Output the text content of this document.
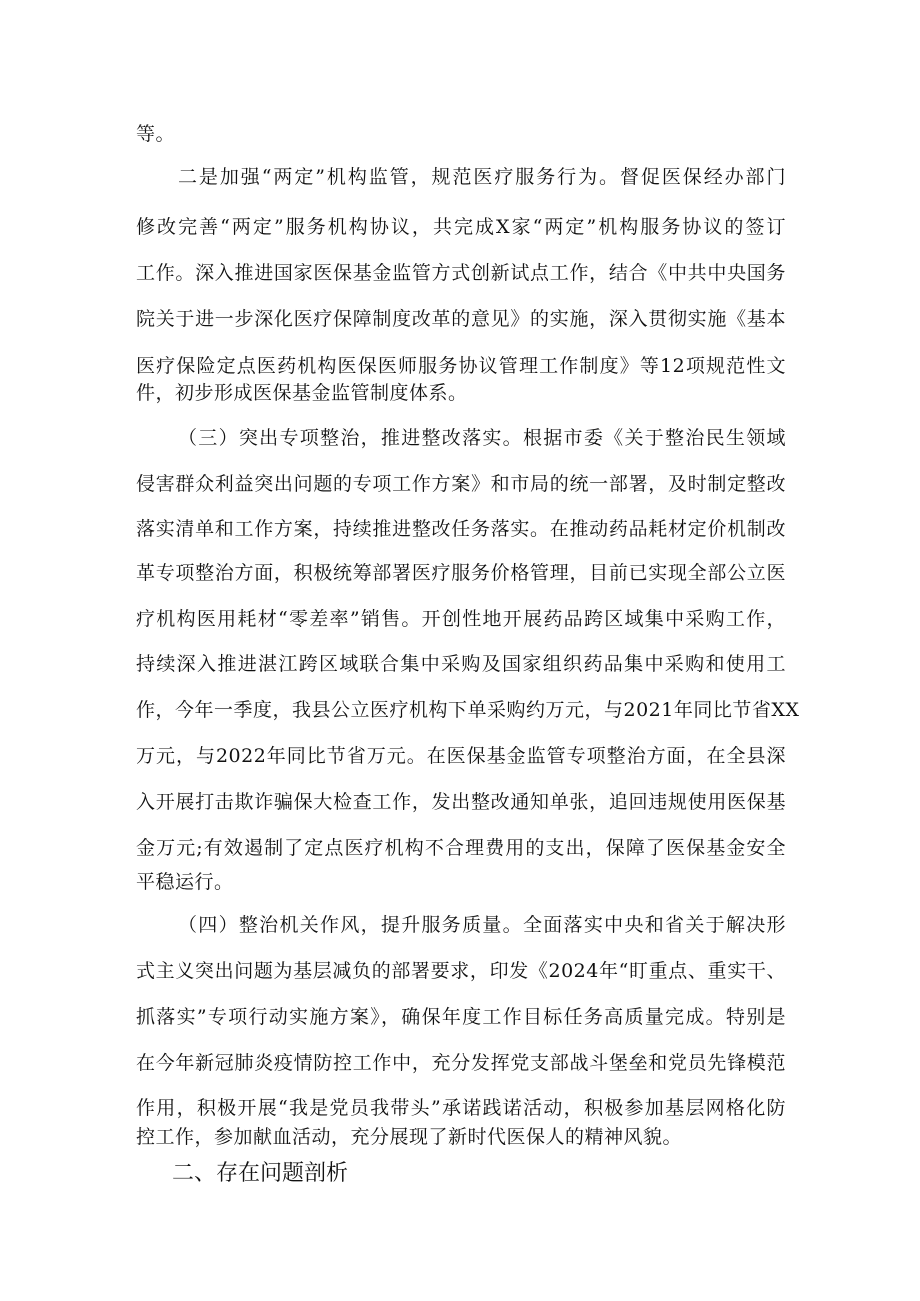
等。
二是加强“两定”机构监管，规范医疗服务行为。督促医保经办部门
修改完善“两定”服务机构协议，共完成X家“两定”机构服务协议的签订
工作。深入推进国家医保基金监管方式创新试点工作，结合《中共中央国务
院关于进一步深化医疗保障制度改革的意见》的实施，深入贯彻实施《基本
医疗保险定点医药机构医保医师服务协议管理工作制度》等12项规范性文
件，初步形成医保基金监管制度体系。
（三）突出专项整治，推进整改落实。根据市委《关于整治民生领域
侵害群众利益突出问题的专项工作方案》和市局的统一部署，及时制定整改
落实清单和工作方案，持续推进整改任务落实。在推动药品耗材定价机制改
革专项整治方面，积极统筹部署医疗服务价格管理，目前已实现全部公立医
疗机构医用耗材“零差率”销售。开创性地开展药品跨区域集中采购工作，
持续深入推进湛江跨区域联合集中采购及国家组织药品集中采购和使用工
作，今年一季度，我县公立医疗机构下单采购约万元，与2021年同比节省XX
万元，与2022年同比节省万元。在医保基金监管专项整治方面，在全县深
入开展打击欺诈骗保大检查工作，发出整改通知单张，追回违规使用医保基
金万元;有效遏制了定点医疗机构不合理费用的支出，保障了医保基金安全
平稳运行。
（四）整治机关作风，提升服务质量。全面落实中央和省关于解决形
式主义突出问题为基层减负的部署要求，印发《2024年“盯重点、重实干、
抓落实”专项行动实施方案》，确保年度工作目标任务高质量完成。特别是
在今年新冠肺炎疫情防控工作中，充分发挥党支部战斗堡垒和党员先锋模范
作用，积极开展“我是党员我带头”承诺践诺活动，积极参加基层网格化防
控工作，参加献血活动，充分展现了新时代医保人的精神风貌。
二、存在问题剖析
